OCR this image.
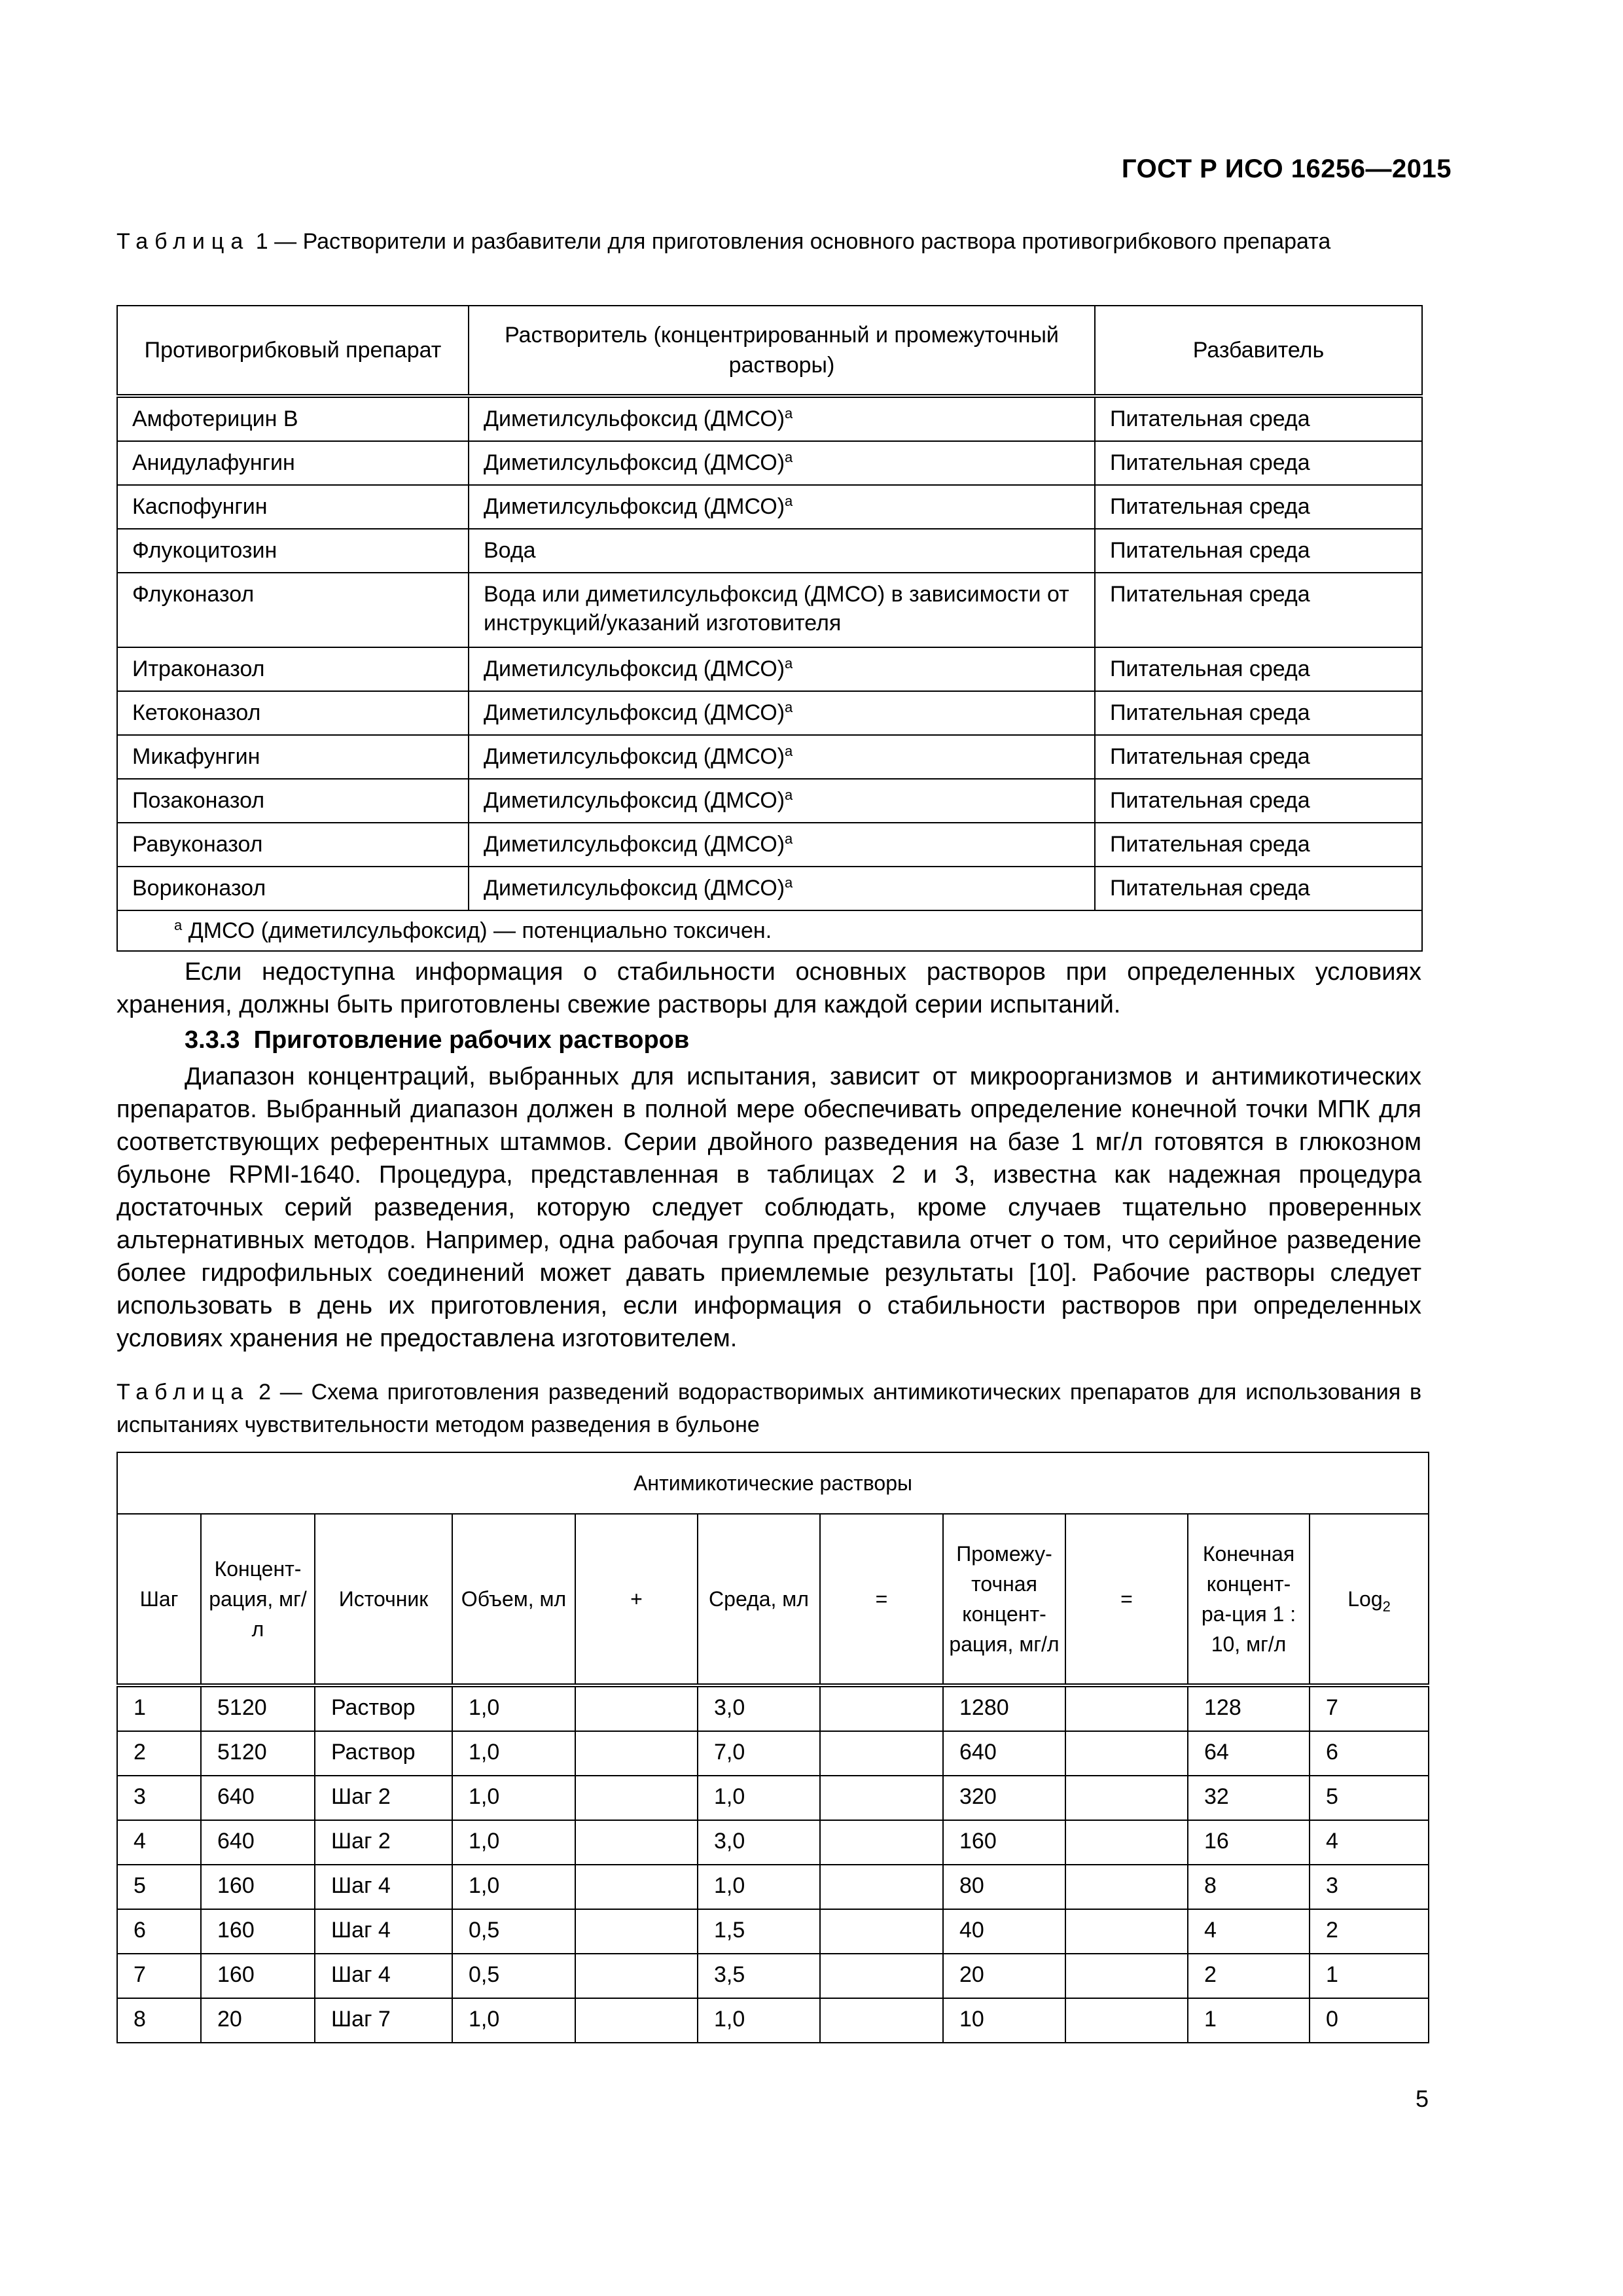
ГОСТ Р ИСО 16256—2015
Таблица 1 — Растворители и разбавители для приготовления основного раствора противогрибкового препарата
Противогрибковый препарат	Растворитель (концентрированный и промежуточный растворы)	Разбавитель
Амфотерицин В	Диметилсульфоксид (ДМСО)$^a$	Питательная среда
Анидулафунгин	Диметилсульфоксид (ДМСО)$^a$	Питательная среда
Каспофунгин	Диметилсульфоксид (ДМСО)$^a$	Питательная среда
Флукоцитозин	Вода	Питательная среда
Флуконазол	Вода или диметилсульфоксид (ДМСО) в зависимости от инструкций/указаний изготовителя	Питательная среда
Итраконазол	Диметилсульфоксид (ДМСО)$^a$	Питательная среда
Кетоконазол	Диметилсульфоксид (ДМСО)$^a$	Питательная среда
Микафунгин	Диметилсульфоксид (ДМСО)$^a$	Питательная среда
Позаконазол	Диметилсульфоксид (ДМСО)$^a$	Питательная среда
Равуконазол	Диметилсульфоксид (ДМСО)$^a$	Питательная среда
Вориконазол	Диметилсульфоксид (ДМСО)$^a$	Питательная среда
$^a$ ДМСО (диметилсульфоксид) — потенциально токсичен.		

Если недоступна информация о стабильности основных растворов при определенных условиях хранения, должны быть приготовлены свежие растворы для каждой серии испытаний.

3.3.3 Приготовление рабочих растворов

Диапазон концентраций, выбранных для испытания, зависит от микроорганизмов и антимикотических препаратов. Выбранный диапазон должен в полной мере обеспечивать определение конечной точки МПК для соответствующих референтных штаммов. Серии двойного разведения на базе 1 мг/л готовятся в глюкозном бульоне RPMI-1640. Процедура, представленная в таблицах 2 и 3, известна как надежная процедура достаточных серий разведения, которую следует соблюдать, кроме случаев тщательно проверенных альтернативных методов. Например, одна рабочая группа представила отчет о том, что серийное разведение более гидрофильных соединений может давать приемлемые результаты [10]. Рабочие растворы следует использовать в день их приготовления, если информация о стабильности растворов при определенных условиях хранения не предоставлена изготовителем.

Таблица 2 — Схема приготовления разведений водорастворимых антимикотических препаратов для использования в испытаниях чувствительности методом разведения в бульоне
Антимикотические растворы										
Шаг	Концент-рация, мг/л	Источник	Объем, мл	+	Среда, мл	=	Промежу-точная концент-рация, мг/л	=	Конечная концент-ра-ция 1 : 10, мг/л	Log$_2$
1	5120	Раствор	1,0		3,0		1280		128	7
2	5120	Раствор	1,0		7,0		640		64	6
3	640	Шаг 2	1,0		1,0		320		32	5
4	640	Шаг 2	1,0		3,0		160		16	4
5	160	Шаг 4	1,0		1,0		80		8	3
6	160	Шаг 4	0,5		1,5		40		4	2
7	160	Шаг 4	0,5		3,5		20		2	1
8	20	Шаг 7	1,0		1,0		10		1	0
5
